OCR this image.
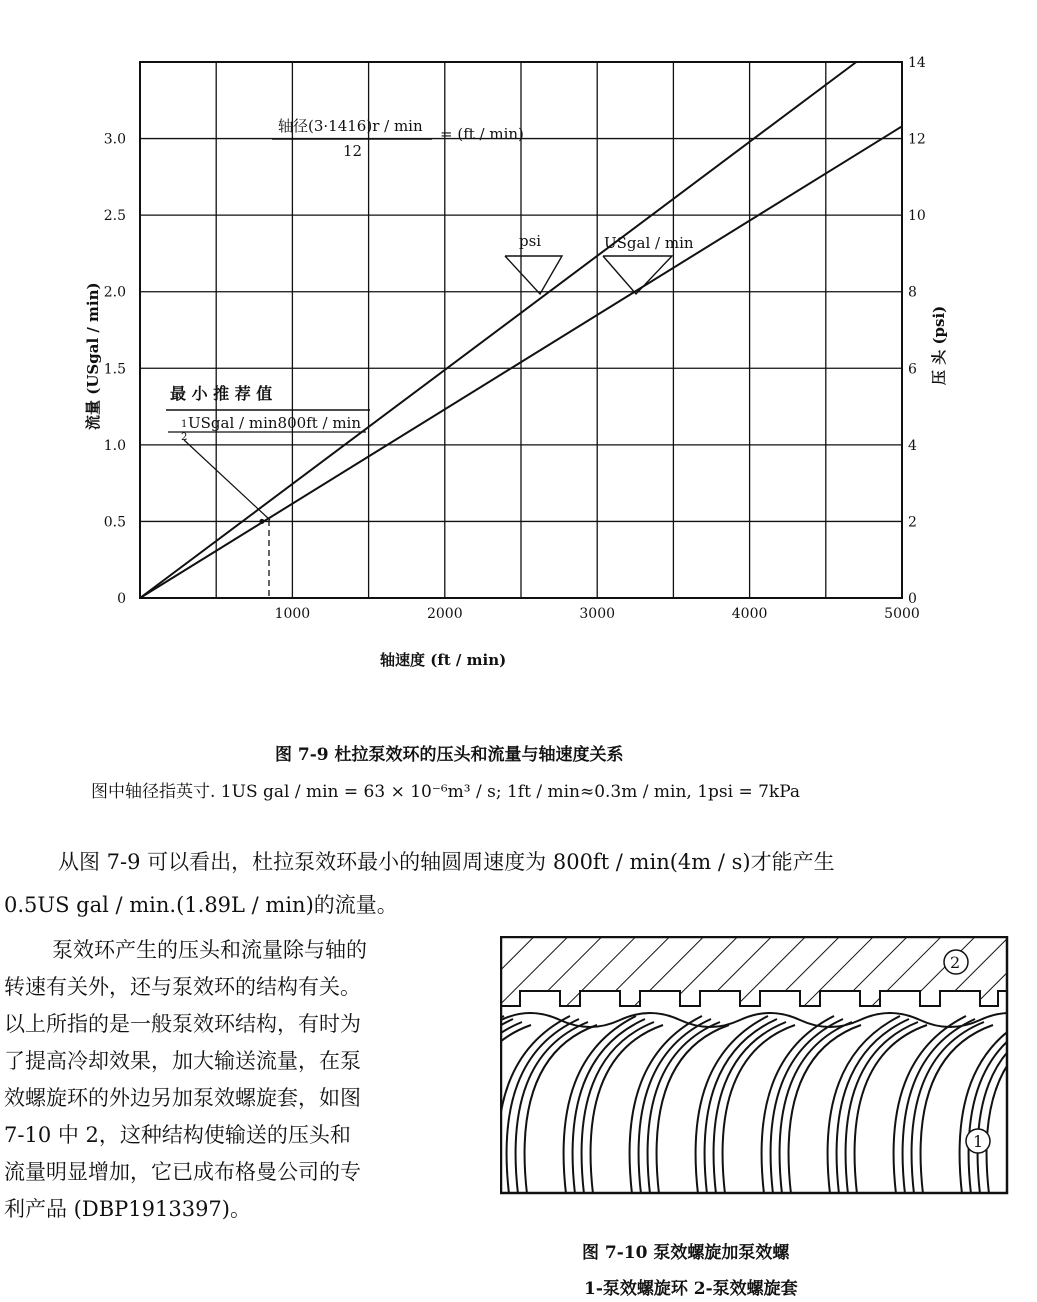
1000	2000	3000	4000	5000
0
0.5
1.0
1.5
2.0
2.5
3.0
0
2
4
6
8
10
12
14
轴径(3·1416)r / min
12
= (ft / min)
psi	USgal / min
最 小 推 荐 值
1
2
USgal / min800ft / min
轴速度 (ft / min)
流量 (USgal / min)	压 头 (psi)
图 7-9 杜拉泵效环的压头和流量与轴速度关系
图中轴径指英寸. 1US gal / min = 63 × 10⁻⁶m³ / s; 1ft / min≈0.3m / min, 1psi = 7kPa
从图 7-9 可以看出，杜拉泵效环最小的轴圆周速度为 800ft / min(4m / s)才能产生
0.5US gal / min.(1.89L / min)的流量。
泵效环产生的压头和流量除与轴的
转速有关外，还与泵效环的结构有关。
以上所指的是一般泵效环结构，有时为
了提高冷却效果，加大输送流量，在泵
效螺旋环的外边另加泵效螺旋套，如图
7-10 中 2，这种结构使输送的压头和
流量明显增加，它已成布格曼公司的专
利产品 (DBP1913397)。
2
1
图 7-10 泵效螺旋加泵效螺
1-泵效螺旋环 2-泵效螺旋套
